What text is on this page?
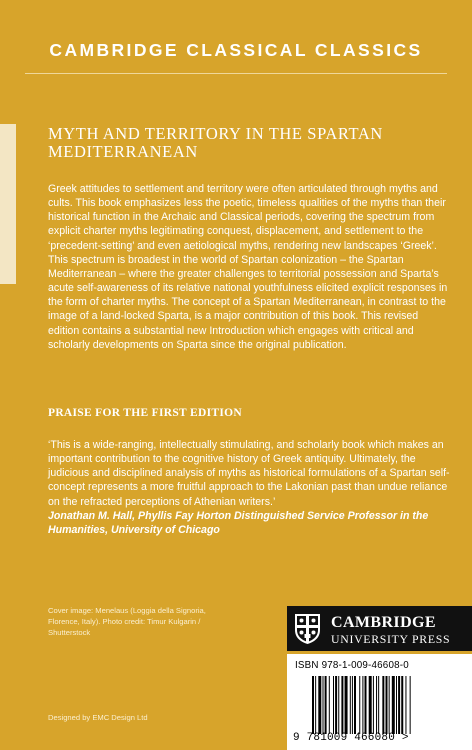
CAMBRIDGE CLASSICAL CLASSICS
MYTH AND TERRITORY IN THE SPARTAN MEDITERRANEAN
Greek attitudes to settlement and territory were often articulated through myths and cults. This book emphasizes less the poetic, timeless qualities of the myths than their historical function in the Archaic and Classical periods, covering the spectrum from explicit charter myths legitimating conquest, displacement, and settlement to the ‘precedent-setting’ and even aetiological myths, rendering new landscapes ‘Greek’. This spectrum is broadest in the world of Spartan colonization – the Spartan Mediterranean – where the greater challenges to territorial possession and Sparta’s acute self-awareness of its relative national youthfulness elicited explicit responses in the form of charter myths. The concept of a Spartan Mediterranean, in contrast to the image of a land-locked Sparta, is a major contribution of this book. This revised edition contains a substantial new Introduction which engages with critical and scholarly developments on Sparta since the original publication.
PRAISE FOR THE FIRST EDITION
‘This is a wide-ranging, intellectually stimulating, and scholarly book which makes an important contribution to the cognitive history of Greek antiquity. Ultimately, the judicious and disciplined analysis of myths as historical formulations of a Spartan self-concept represents a more fruitful approach to the Lakonian past than undue reliance on the refracted perceptions of Athenian writers.’
Jonathan M. Hall, Phyllis Fay Horton Distinguished Service Professor in the Humanities, University of Chicago
Cover image: Menelaus (Loggia della Signoria, Florence, Italy). Photo credit: Timur Kulgarin / Shutterstock
Designed by EMC Design Ltd
CAMBRIDGE
UNIVERSITY PRESS
ISBN 978-1-009-46608-0
9 781009 466080 >
